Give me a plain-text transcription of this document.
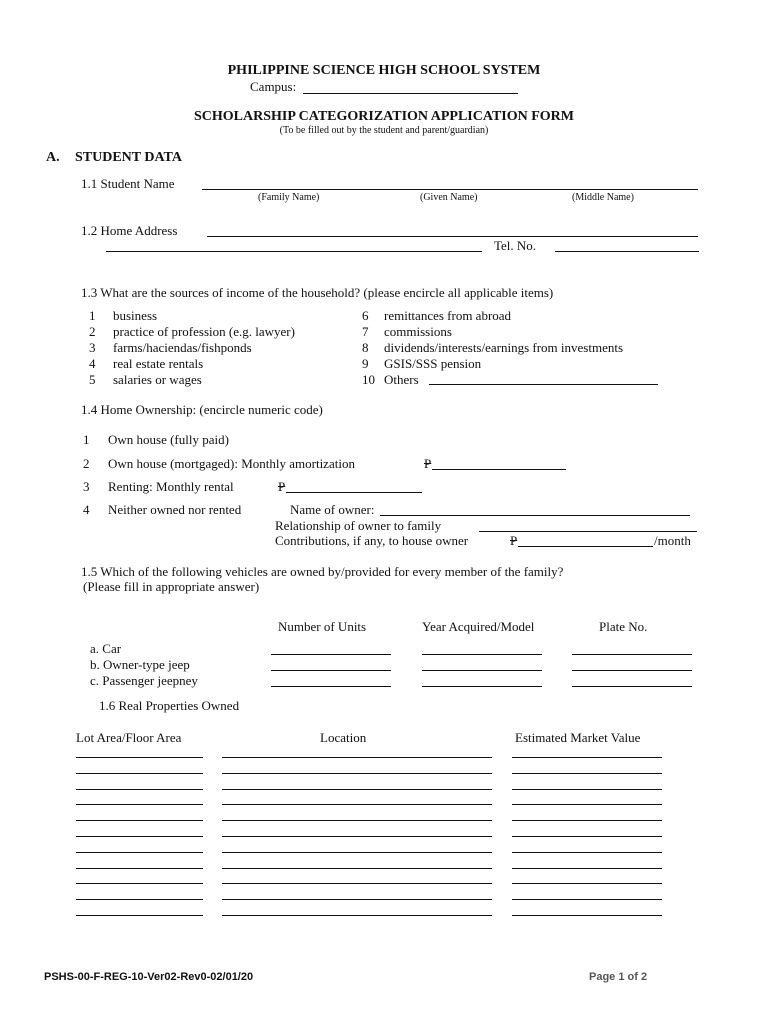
PHILIPPINE SCIENCE HIGH SCHOOL SYSTEM
Campus:
SCHOLARSHIP CATEGORIZATION APPLICATION FORM
(To be filled out by the student and parent/guardian)
A. STUDENT DATA
1.1 Student Name
(Family Name)	(Given Name)	(Middle Name)
1.2 Home Address
Tel. No.
1.3 What are the sources of income of the household? (please encircle all applicable items)
1 business
2 practice of profession (e.g. lawyer)
3 farms/haciendas/fishponds
4 real estate rentals
5 salaries or wages
6 remittances from abroad
7 commissions
8 dividends/interests/earnings from investments
9 GSIS/SSS pension
10 Others
1.4 Home Ownership: (encircle numeric code)
1 Own house (fully paid)
2 Own house (mortgaged): Monthly amortization	P
3 Renting: Monthly rental	P
4 Neither owned nor rented	Name of owner:
Relationship of owner to family
Contributions, if any, to house owner	P	/month
1.5 Which of the following vehicles are owned by/provided for every member of the family?
(Please fill in appropriate answer)
Number of Units	Year Acquired/Model	Plate No.
a. Car
b. Owner-type jeep
c. Passenger jeepney
1.6 Real Properties Owned
Lot Area/Floor Area	Location	Estimated Market Value
PSHS-00-F-REG-10-Ver02-Rev0-02/01/20	Page 1 of 2
